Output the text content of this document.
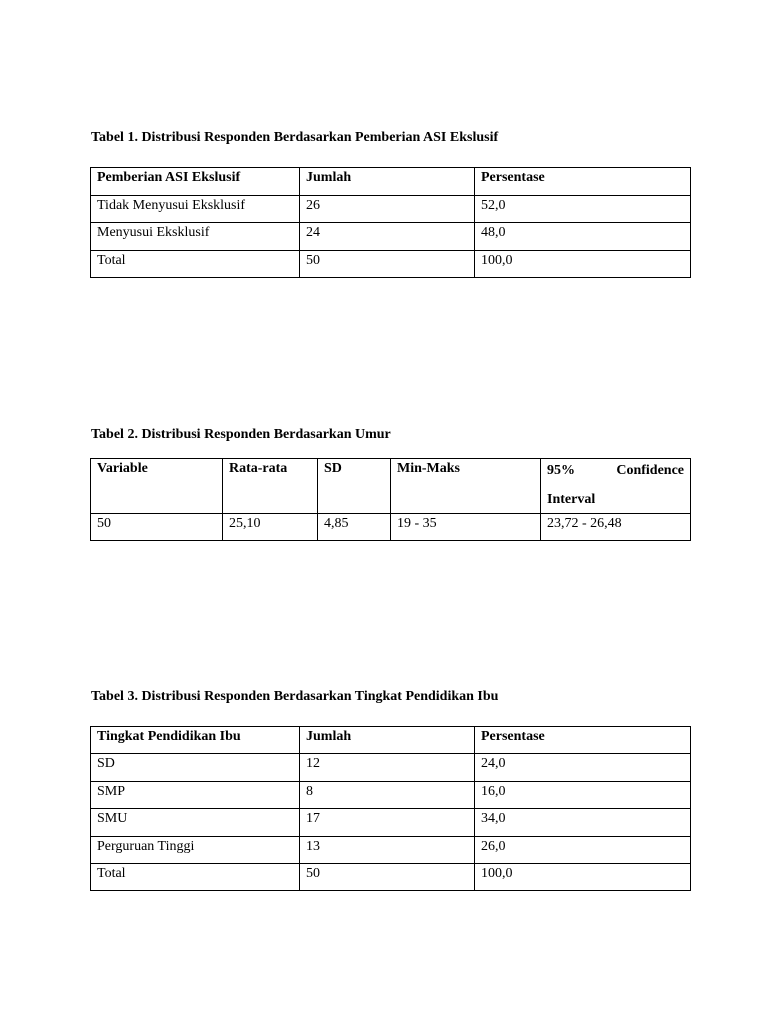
Tabel 1. Distribusi Responden Berdasarkan Pemberian ASI Ekslusif
Pemberian ASI Ekslusif	Jumlah	Persentase

Tidak Menyusui Eksklusif	26	52,0

Menyusui Eksklusif	24	48,0

Total	50	100,0
Tabel 2. Distribusi Responden Berdasarkan Umur
Variable	Rata-rata	SD	Min-Maks	95% Confidence
Interval

50	25,10	4,85	19 - 35	23,72 - 26,48
Tabel 3. Distribusi Responden Berdasarkan Tingkat Pendidikan Ibu
Tingkat Pendidikan Ibu	Jumlah	Persentase

SD	12	24,0

SMP	8	16,0

SMU	17	34,0

Perguruan Tinggi	13	26,0

Total	50	100,0
